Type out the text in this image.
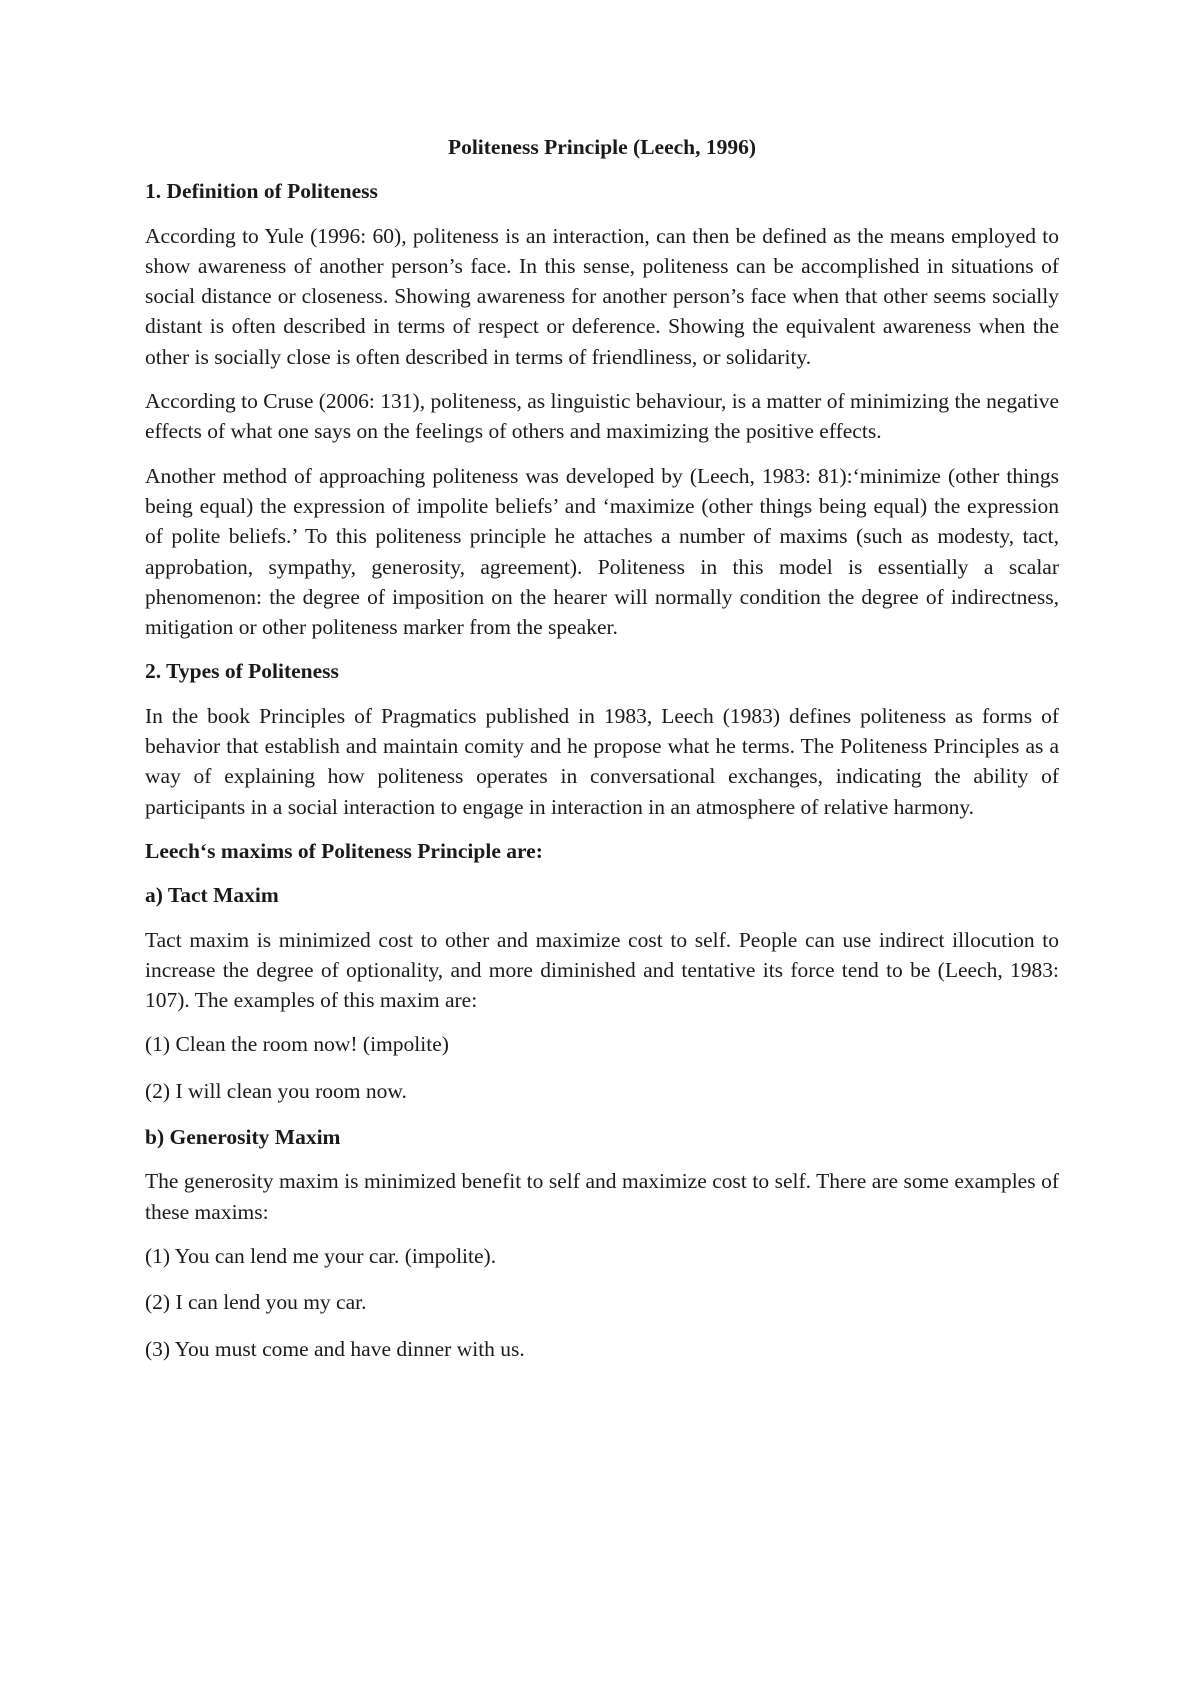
Politeness Principle (Leech, 1996)

1. Definition of Politeness

According to Yule (1996: 60), politeness is an interaction, can then be defined as the means employed to show awareness of another person’s face. In this sense, politeness can be accomplished in situations of social distance or closeness. Showing awareness for another person’s face when that other seems socially distant is often described in terms of respect or deference. Showing the equivalent awareness when the other is socially close is often described in terms of friendliness, or solidarity.

According to Cruse (2006: 131), politeness, as linguistic behaviour, is a matter of minimizing the negative effects of what one says on the feelings of others and maximizing the positive effects.

Another method of approaching politeness was developed by (Leech, 1983: 81):‘minimize (other things being equal) the expression of impolite beliefs’ and ‘maximize (other things being equal) the expression of polite beliefs.’ To this politeness principle he attaches a number of maxims (such as modesty, tact, approbation, sympathy, generosity, agreement). Politeness in this model is essentially a scalar phenomenon: the degree of imposition on the hearer will normally condition the degree of indirectness, mitigation or other politeness marker from the speaker.

2. Types of Politeness

In the book Principles of Pragmatics published in 1983, Leech (1983) defines politeness as forms of behavior that establish and maintain comity and he propose what he terms. The Politeness Principles as a way of explaining how politeness operates in conversational exchanges, indicating the ability of participants in a social interaction to engage in interaction in an atmosphere of relative harmony.

Leech‘s maxims of Politeness Principle are:

a) Tact Maxim

Tact maxim is minimized cost to other and maximize cost to self. People can use indirect illocution to increase the degree of optionality, and more diminished and tentative its force tend to be (Leech, 1983: 107). The examples of this maxim are:

(1) Clean the room now! (impolite)

(2) I will clean you room now.

b) Generosity Maxim

The generosity maxim is minimized benefit to self and maximize cost to self. There are some examples of these maxims:

(1) You can lend me your car. (impolite).

(2) I can lend you my car.

(3) You must come and have dinner with us.
